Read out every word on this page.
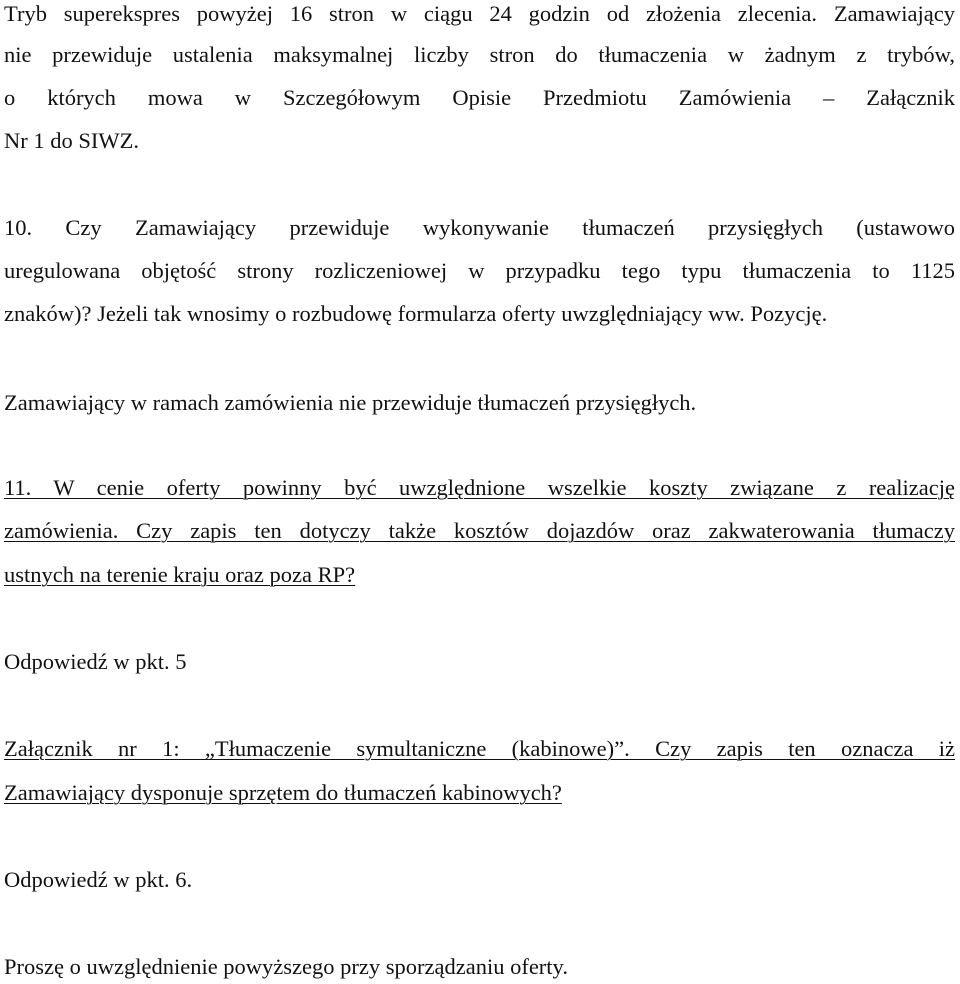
Tryb superekspres powyżej 16 stron w ciągu 24 godzin od złożenia zlecenia. Zamawiający
nie przewiduje ustalenia maksymalnej liczby stron do tłumaczenia w żadnym z trybów,
o których mowa w Szczegółowym Opisie Przedmiotu Zamówienia – Załącznik
Nr 1 do SIWZ.
10. Czy Zamawiający przewiduje wykonywanie tłumaczeń przysięgłych (ustawowo
uregulowana objętość strony rozliczeniowej w przypadku tego typu tłumaczenia to 1125
znaków)? Jeżeli tak wnosimy o rozbudowę formularza oferty uwzględniający ww. Pozycję.
Zamawiający w ramach zamówienia nie przewiduje tłumaczeń przysięgłych.
11. W cenie oferty powinny być uwzględnione wszelkie koszty związane z realizację
zamówienia. Czy zapis ten dotyczy także kosztów dojazdów oraz zakwaterowania tłumaczy
ustnych na terenie kraju oraz poza RP?
Odpowiedź w pkt. 5
Załącznik nr 1: „Tłumaczenie symultaniczne (kabinowe)”. Czy zapis ten oznacza iż
Zamawiający dysponuje sprzętem do tłumaczeń kabinowych?
Odpowiedź w pkt. 6.
Proszę o uwzględnienie powyższego przy sporządzaniu oferty.
